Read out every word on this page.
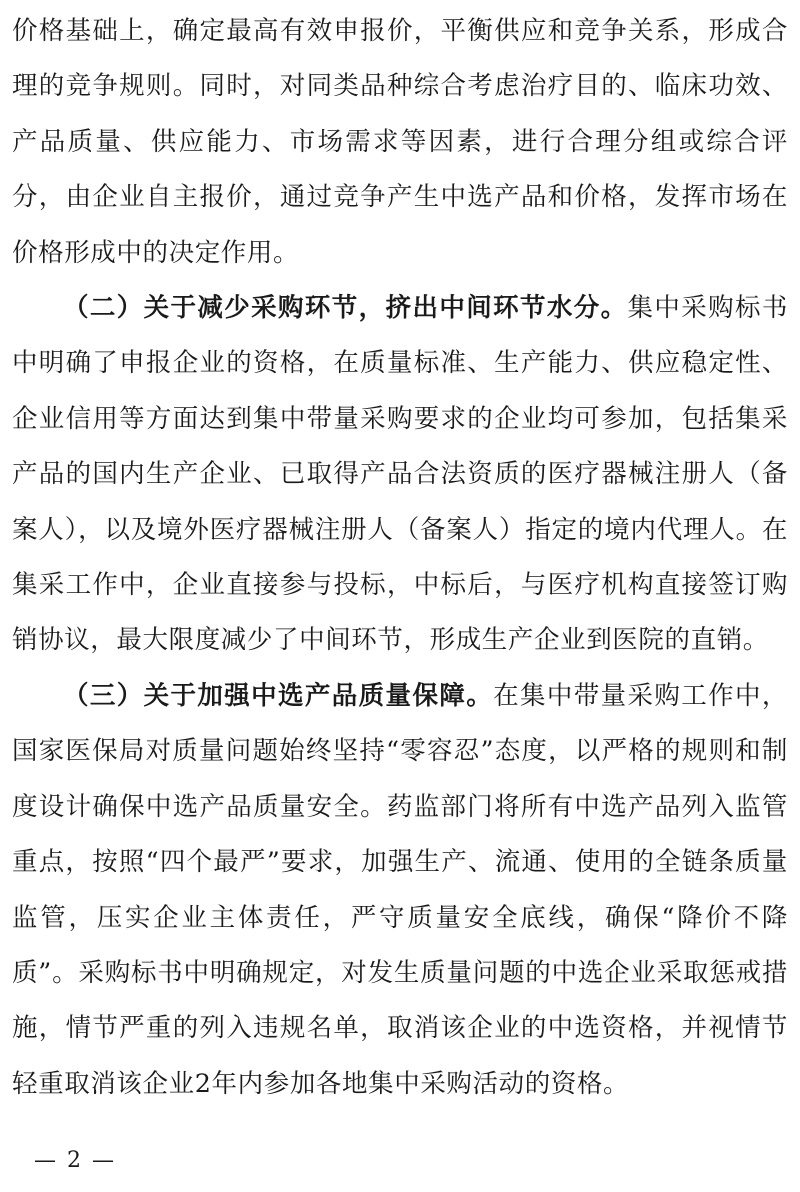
价格基础上，确定最高有效申报价，平衡供应和竞争关系，形成合理的竞争规则。同时，对同类品种综合考虑治疗目的、临床功效、产品质量、供应能力、市场需求等因素，进行合理分组或综合评分，由企业自主报价，通过竞争产生中选产品和价格，发挥市场在价格形成中的决定作用。

（二）关于减少采购环节，挤出中间环节水分。集中采购标书中明确了申报企业的资格，在质量标准、生产能力、供应稳定性、企业信用等方面达到集中带量采购要求的企业均可参加，包括集采产品的国内生产企业、已取得产品合法资质的医疗器械注册人（备案人），以及境外医疗器械注册人（备案人）指定的境内代理人。在集采工作中，企业直接参与投标，中标后，与医疗机构直接签订购销协议，最大限度减少了中间环节，形成生产企业到医院的直销。

（三）关于加强中选产品质量保障。在集中带量采购工作中，国家医保局对质量问题始终坚持“零容忍”态度，以严格的规则和制度设计确保中选产品质量安全。药监部门将所有中选产品列入监管重点，按照“四个最严”要求，加强生产、流通、使用的全链条质量监管，压实企业主体责任，严守质量安全底线，确保“降价不降质”。采购标书中明确规定，对发生质量问题的中选企业采取惩戒措施，情节严重的列入违规名单，取消该企业的中选资格，并视情节轻重取消该企业2年内参加各地集中采购活动的资格。

— 2 —
